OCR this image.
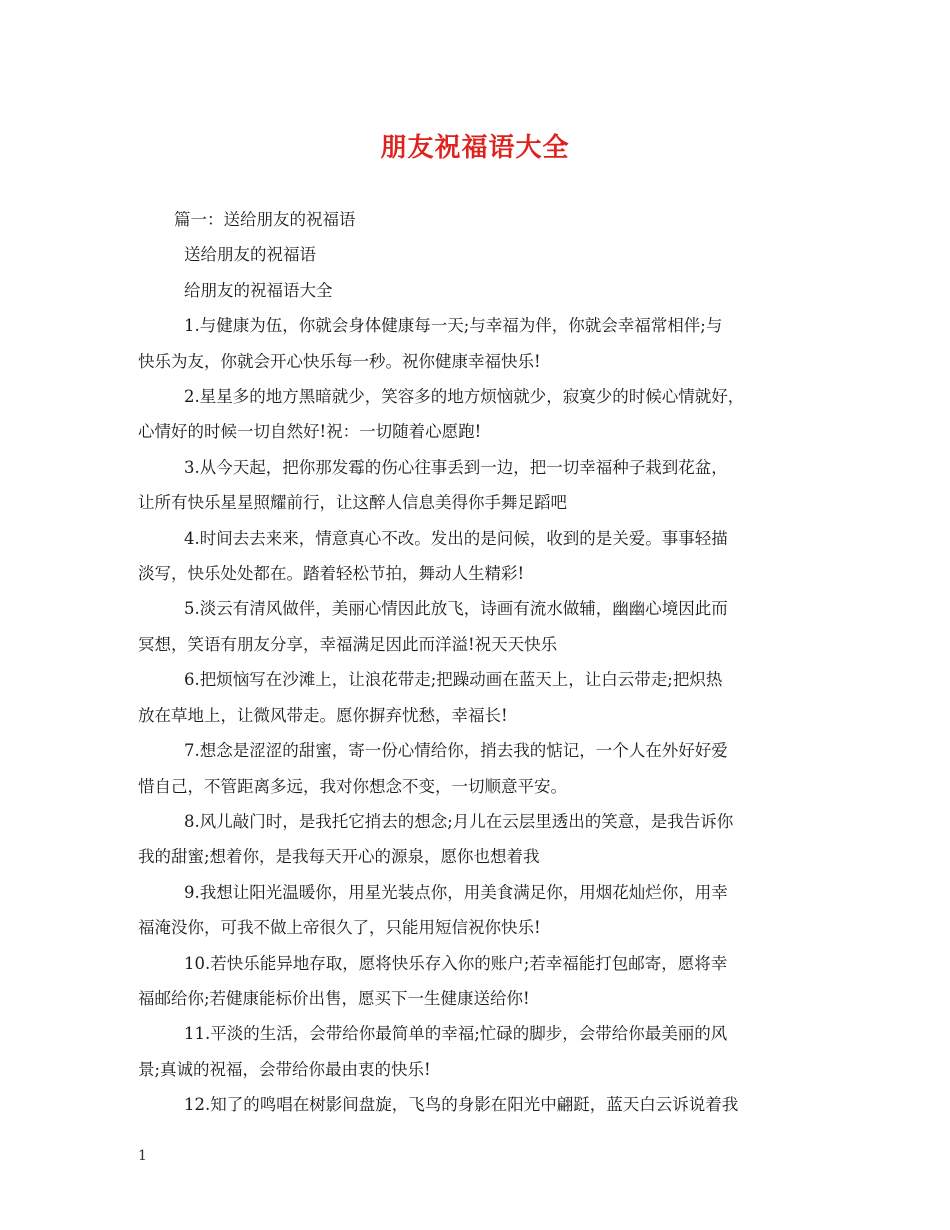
朋友祝福语大全
篇一：送给朋友的祝福语
送给朋友的祝福语
给朋友的祝福语大全
1.与健康为伍，你就会身体健康每一天;与幸福为伴，你就会幸福常相伴;与
快乐为友，你就会开心快乐每一秒。祝你健康幸福快乐!
2.星星多的地方黑暗就少，笑容多的地方烦恼就少，寂寞少的时候心情就好，
心情好的时候一切自然好!祝：一切随着心愿跑!
3.从今天起，把你那发霉的伤心往事丢到一边，把一切幸福种子栽到花盆，
让所有快乐星星照耀前行，让这醉人信息美得你手舞足蹈吧
4.时间去去来来，情意真心不改。发出的是问候，收到的是关爱。事事轻描
淡写，快乐处处都在。踏着轻松节拍，舞动人生精彩!
5.淡云有清风做伴，美丽心情因此放飞，诗画有流水做辅，幽幽心境因此而
冥想，笑语有朋友分享，幸福满足因此而洋溢!祝天天快乐
6.把烦恼写在沙滩上，让浪花带走;把躁动画在蓝天上，让白云带走;把炽热
放在草地上，让微风带走。愿你摒弃忧愁，幸福长!
7.想念是涩涩的甜蜜，寄一份心情给你，捎去我的惦记，一个人在外好好爱
惜自己，不管距离多远，我对你想念不变，一切顺意平安。
8.风儿敲门时，是我托它捎去的想念;月儿在云层里透出的笑意，是我告诉你
我的甜蜜;想着你，是我每天开心的源泉，愿你也想着我
9.我想让阳光温暖你，用星光装点你，用美食满足你，用烟花灿烂你，用幸
福淹没你，可我不做上帝很久了，只能用短信祝你快乐!
10.若快乐能异地存取，愿将快乐存入你的账户;若幸福能打包邮寄，愿将幸
福邮给你;若健康能标价出售，愿买下一生健康送给你!
11.平淡的生活，会带给你最简单的幸福;忙碌的脚步，会带给你最美丽的风
景;真诚的祝福，会带给你最由衷的快乐!
12.知了的鸣唱在树影间盘旋，飞鸟的身影在阳光中翩跹，蓝天白云诉说着我
1
